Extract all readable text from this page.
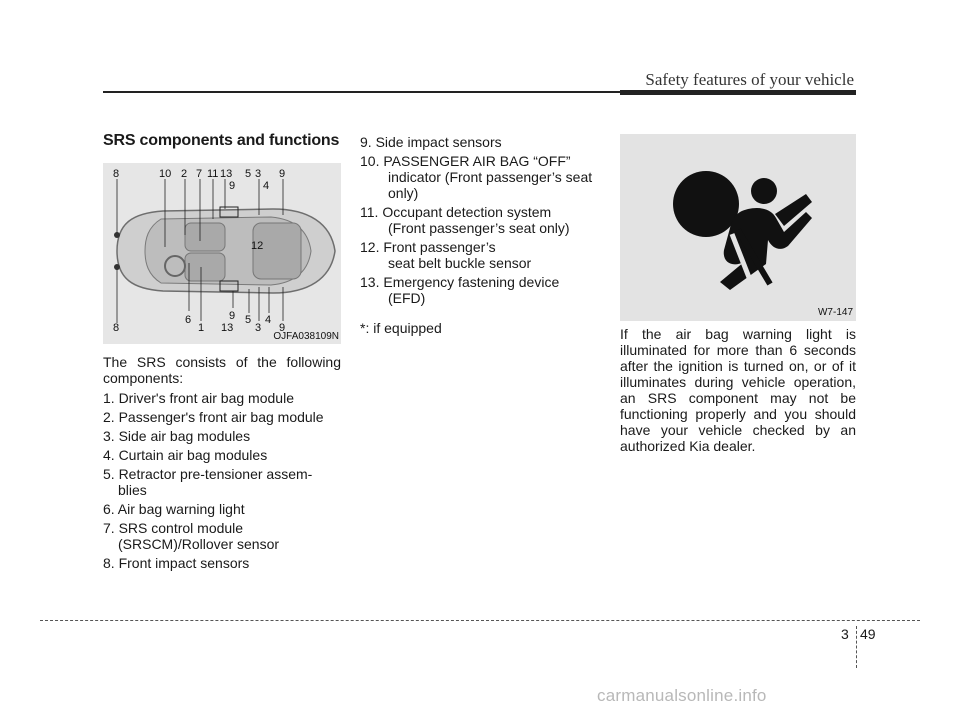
Safety features of your vehicle
SRS components and functions
8	10 2 7 11 13 5 3 9
9	4
12
8
6
1 13
9 5 4
3 9
OJFA038109N

The SRS consists of the following components:

1. Driver's front air bag module
2. Passenger's front air bag module
3. Side air bag modules
4. Curtain air bag modules
5. Retractor pre-tensioner assem-
blies
6. Air bag warning light
7. SRS control module
(SRSCM)/Rollover sensor
8. Front impact sensors
9. Side impact sensors
10. PASSENGER AIR BAG “OFF”
indicator (Front passenger’s seat
only)
11. Occupant detection system
(Front passenger’s seat only)
12. Front passenger’s
seat belt buckle sensor
13. Emergency fastening device
(EFD)

*: if equipped

W7-147
If the air bag warning light is illuminated for more than 6 seconds after the ignition is turned on, or of it illuminates during vehicle operation, an SRS component may not be functioning properly and you should have your vehicle checked by an authorized Kia dealer.
3 49
carmanualsonline.info
